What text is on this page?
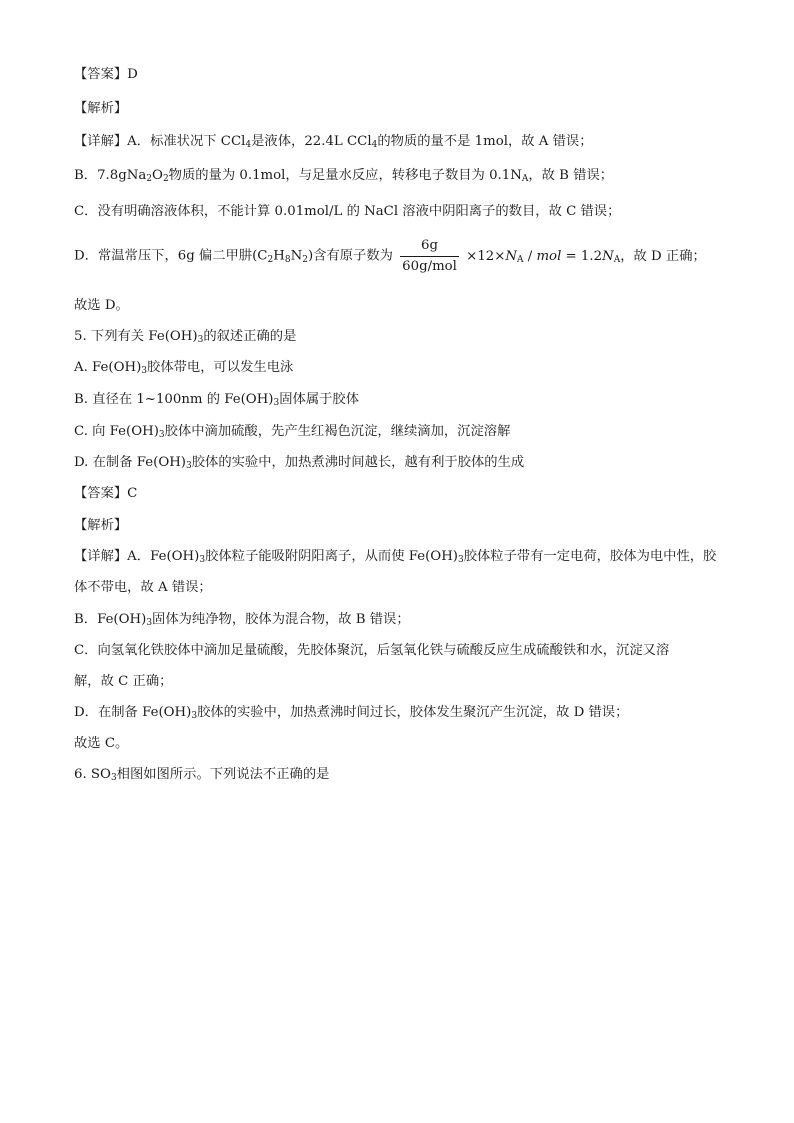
【答案】D
【解析】
【详解】A．标准状况下 CCl$_4$是液体，22.4L CCl$_4$的物质的量不是 1mol，故 A 错误；
B．$7.8gNa_2O_2$物质的量为 0.1mol，与足量水反应，转移电子数目为 $0.1N_A$，故 B 错误；
C．没有明确溶液体积，不能计算 0.01mol/L 的 NaCl 溶液中阴阳离子的数目，故 C 错误；
D．常温常压下，6g 偏二甲肼$(C_2H_8N_2)$含有原子数为 $\frac{6g}{\text{60g/mol}} \times 12\times N_A$ / mol = $1.2N_A$，故 D 正确；
故选 D。
5. 下列有关 $Fe(OH)_3$的叙述正确的是
A. $Fe(OH)_3$胶体带电，可以发生电泳
B. 直径在 1~100nm 的 $Fe(OH)_3$固体属于胶体
C. 向 $Fe(OH)_3$胶体中滴加硫酸，先产生红褐色沉淀，继续滴加，沉淀溶解
D. 在制备 $Fe(OH)_3$胶体的实验中，加热煮沸时间越长，越有利于胶体的生成
【答案】C
【解析】
【详解】A．$Fe(OH)_3$胶体粒子能吸附阴阳离子，从而使 $Fe(OH)_3$胶体粒子带有一定电荷，胶体为电中性，胶
体不带电，故 A 错误；
B．$Fe(OH)_3$固体为纯净物，胶体为混合物，故 B 错误；
C．向氢氧化铁胶体中滴加足量硫酸，先胶体聚沉，后氢氧化铁与硫酸反应生成硫酸铁和水，沉淀又溶
解，故 C 正确；
D．在制备 $Fe(OH)_3$胶体的实验中，加热煮沸时间过长，胶体发生聚沉产生沉淀，故 D 错误；
故选 C。
6. $SO_3$相图如图所示。下列说法不正确的是
